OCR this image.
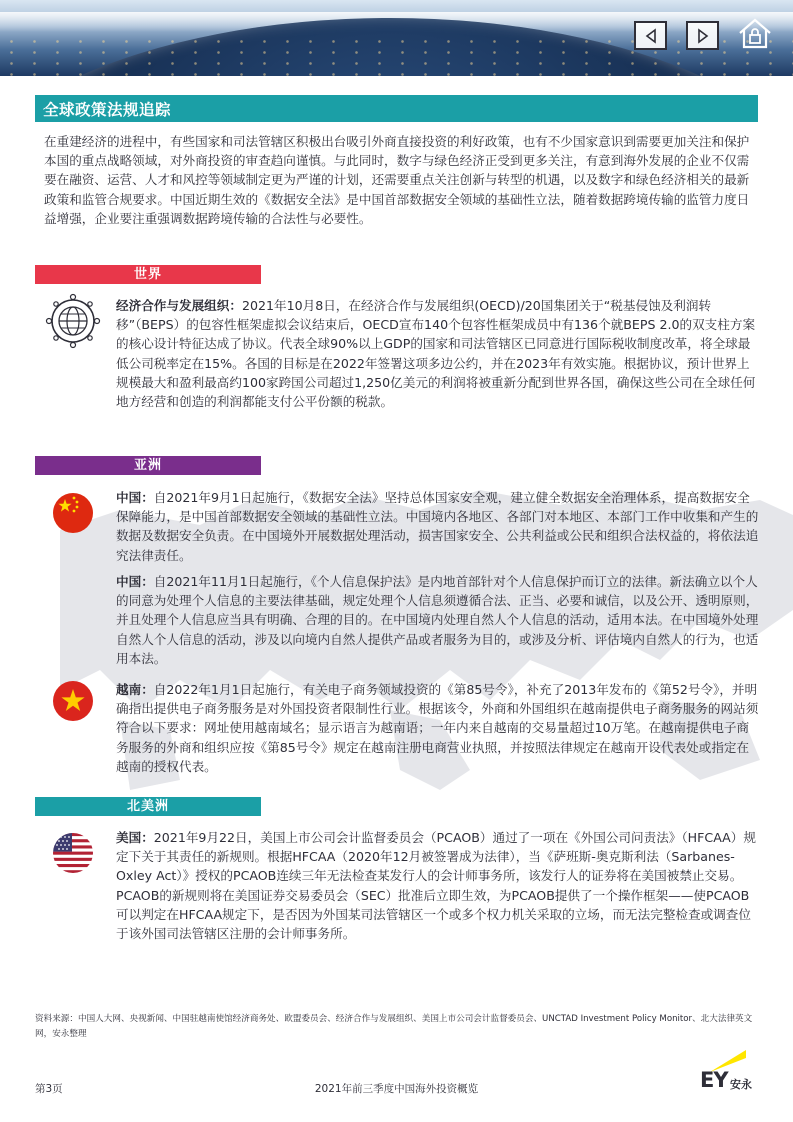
全球政策法规追踪

在重建经济的进程中，有些国家和司法管辖区积极出台吸引外商直接投资的利好政策，也有不少国家意识到需要更加关注和保护本国的重点战略领域，对外商投资的审查趋向谨慎。与此同时，数字与绿色经济正受到更多关注，有意到海外发展的企业不仅需要在融资、运营、人才和风控等领域制定更为严谨的计划，还需要重点关注创新与转型的机遇，以及数字和绿色经济相关的最新政策和监管合规要求。中国近期生效的《数据安全法》是中国首部数据安全领域的基础性立法，随着数据跨境传输的监管力度日益增强，企业要注重强调数据跨境传输的合法性与必要性。

世界
经济合作与发展组织：2021年10月8日，在经济合作与发展组织(OECD)/20国集团关于“税基侵蚀及利润转移”（BEPS）的包容性框架虚拟会议结束后，OECD宣布140个包容性框架成员中有136个就BEPS 2.0的双支柱方案的核心设计特征达成了协议。代表全球90%以上GDP的国家和司法管辖区已同意进行国际税收制度改革，将全球最低公司税率定在15%。各国的目标是在2022年签署这项多边公约，并在2023年有效实施。根据协议，预计世界上规模最大和盈利最高约100家跨国公司超过1,250亿美元的利润将被重新分配到世界各国，确保这些公司在全球任何地方经营和创造的利润都能支付公平份额的税款。
亚洲
中国：自2021年9月1日起施行，《数据安全法》坚持总体国家安全观，建立健全数据安全治理体系，提高数据安全保障能力，是中国首部数据安全领域的基础性立法。中国境内各地区、各部门对本地区、本部门工作中收集和产生的数据及数据安全负责。在中国境外开展数据处理活动，损害国家安全、公共利益或公民和组织合法权益的，将依法追究法律责任。
中国：自2021年11月1日起施行，《个人信息保护法》是内地首部针对个人信息保护而订立的法律。新法确立以个人的同意为处理个人信息的主要法律基础，规定处理个人信息须遵循合法、正当、必要和诚信，以及公开、透明原则，并且处理个人信息应当具有明确、合理的目的。在中国境内处理自然人个人信息的活动，适用本法。在中国境外处理自然人个人信息的活动，涉及以向境内自然人提供产品或者服务为目的，或涉及分析、评估境内自然人的行为，也适用本法。
越南：自2022年1月1日起施行，有关电子商务领域投资的《第85号令》，补充了2013年发布的《第52号令》，并明确指出提供电子商务服务是对外国投资者限制性行业。根据该令，外商和外国组织在越南提供电子商务服务的网站须符合以下要求：网址使用越南域名；显示语言为越南语；一年内来自越南的交易量超过10万笔。在越南提供电子商务服务的外商和组织应按《第85号令》规定在越南注册电商营业执照，并按照法律规定在越南开设代表处或指定在越南的授权代表。
北美洲
美国：2021年9月22日，美国上市公司会计监督委员会（PCAOB）通过了一项在《外国公司问责法》（HFCAA）规定下关于其责任的新规则。根据HFCAA（2020年12月被签署成为法律），当《萨班斯-奥克斯利法（Sarbanes-Oxley Act）》授权的PCAOB连续三年无法检查某发行人的会计师事务所，该发行人的证券将在美国被禁止交易。PCAOB的新规则将在美国证券交易委员会（SEC）批准后立即生效，为PCAOB提供了一个操作框架——使PCAOB可以判定在HFCAA规定下，是否因为外国某司法管辖区一个或多个权力机关采取的立场，而无法完整检查或调查位于该外国司法管辖区注册的会计师事务所。

资料来源：中国人大网、央视新闻、中国驻越南使馆经济商务处、欧盟委员会、经济合作与发展组织、美国上市公司会计监督委员会、UNCTAD Investment Policy Monitor、北大法律英文网，安永整理

第3页	2021年前三季度中国海外投资概览	EY 安永
